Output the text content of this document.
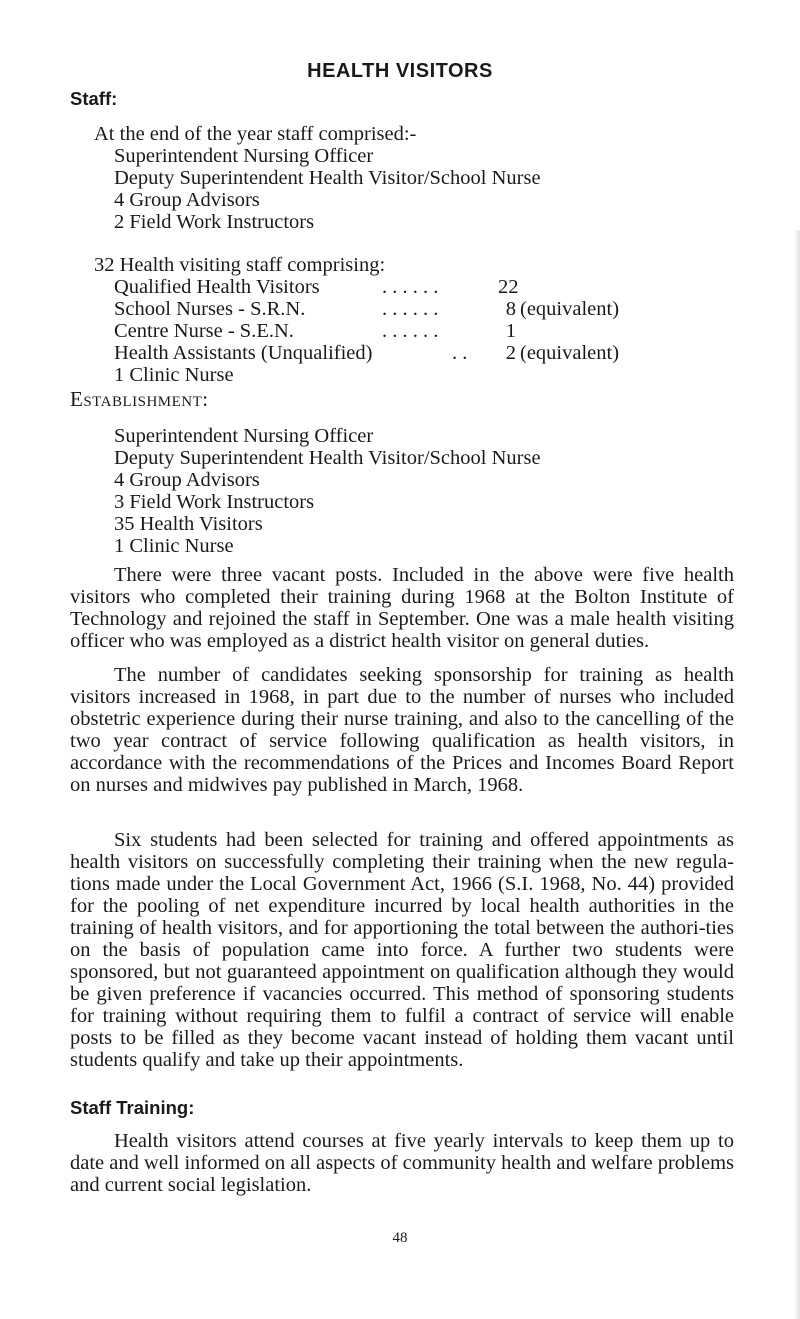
HEALTH VISITORS
Staff:
At the end of the year staff comprised:-
Superintendent Nursing Officer
Deputy Superintendent Health Visitor/School Nurse
4 Group Advisors
2 Field Work Instructors
32 Health visiting staff comprising:
Qualified Health Visitors	. . . . . .	22
School Nurses - S.R.N.	. . . . . .	8 (equivalent)
Centre Nurse - S.E.N.	. . . . . .	1
Health Assistants (Unqualified)	. .	2 (equivalent)
1 Clinic Nurse
Establishment:
Superintendent Nursing Officer
Deputy Superintendent Health Visitor/School Nurse
4 Group Advisors
3 Field Work Instructors
35 Health Visitors
1 Clinic Nurse

There were three vacant posts. Included in the above were five health visitors who completed their training during 1968 at the Bolton Institute of Technology and rejoined the staff in September. One was a male health visiting officer who was employed as a district health visitor on general duties.

The number of candidates seeking sponsorship for training as health visitors increased in 1968, in part due to the number of nurses who included obstetric experience during their nurse training, and also to the cancelling of the two year contract of service following qualification as health visitors, in accordance with the recommendations of the Prices and Incomes Board Report on nurses and midwives pay published in March, 1968.

Six students had been selected for training and offered appointments as health visitors on successfully completing their training when the new regula-tions made under the Local Government Act, 1966 (S.I. 1968, No. 44) provided for the pooling of net expenditure incurred by local health authorities in the training of health visitors, and for apportioning the total between the authori-ties on the basis of population came into force. A further two students were sponsored, but not guaranteed appointment on qualification although they would be given preference if vacancies occurred. This method of sponsoring students for training without requiring them to fulfil a contract of service will enable posts to be filled as they become vacant instead of holding them vacant until students qualify and take up their appointments.

Staff Training:

Health visitors attend courses at five yearly intervals to keep them up to date and well informed on all aspects of community health and welfare problems and current social legislation.

48
